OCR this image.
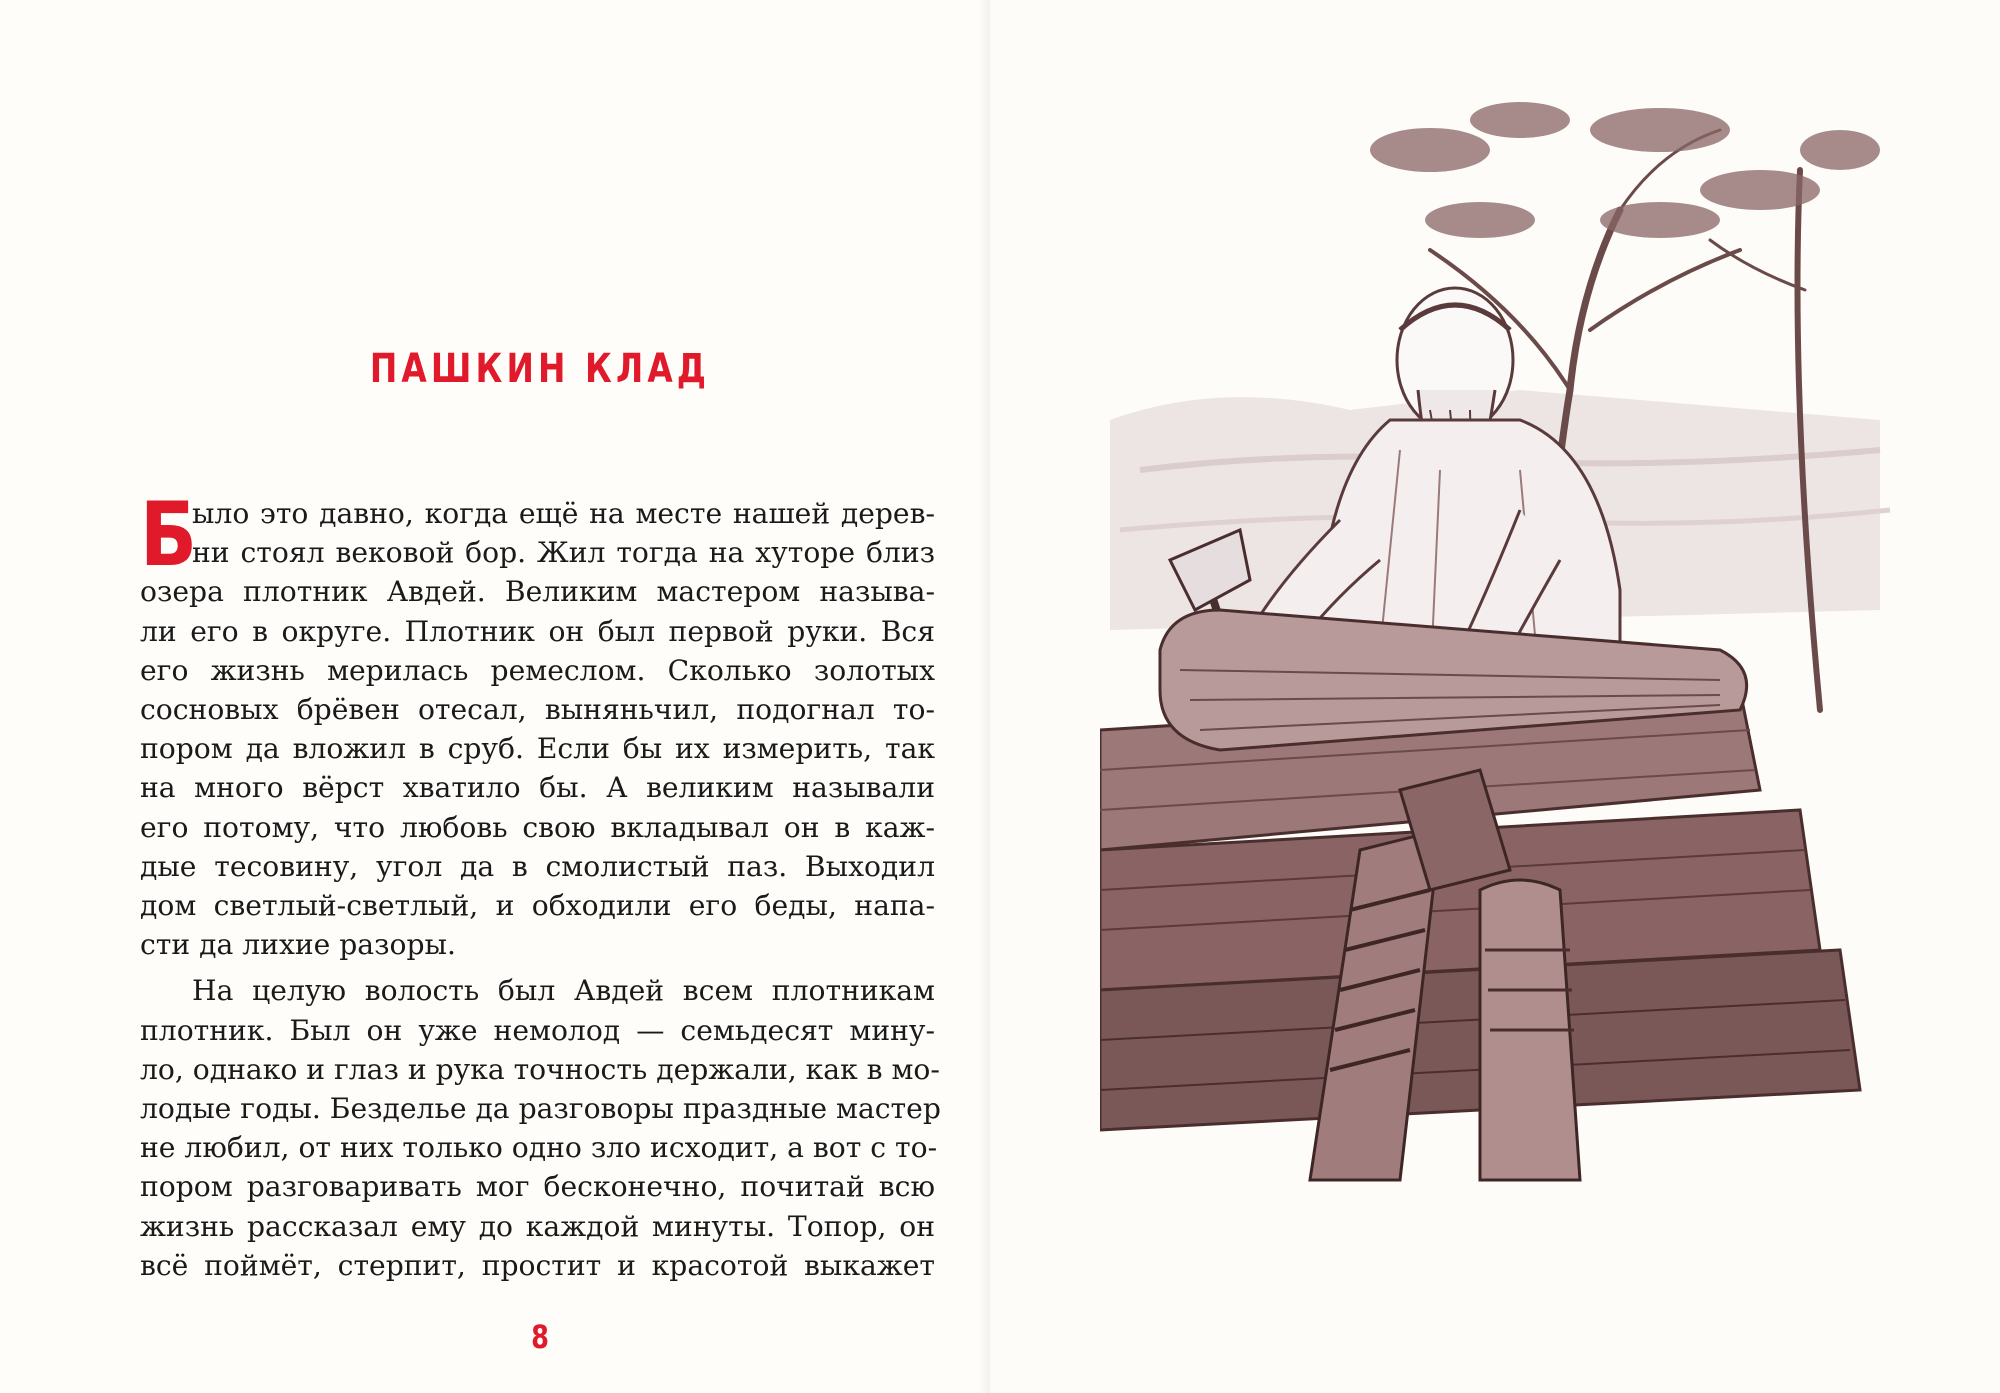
ПАШКИН КЛАД
Б
ыло это давно, когда ещё на месте нашей дерев-
ни стоял вековой бор. Жил тогда на хуторе близ
озера плотник Авдей. Великим мастером называ-
ли его в округе. Плотник он был первой руки. Вся
его жизнь мерилась ремеслом. Сколько золотых
сосновых брёвен отесал, выняньчил, подогнал то-
пором да вложил в сруб. Если бы их измерить, так
на много вёрст хватило бы. А великим называли
его потому, что любовь свою вкладывал он в каж-
дые тесовину, угол да в смолистый паз. Выходил
дом светлый-светлый, и обходили его беды, напа-
сти да лихие разоры.
На целую волость был Авдей всем плотникам
плотник. Был он уже немолод — семьдесят мину-
ло, однако и глаз и рука точность держали, как в мо-
лодые годы. Безделье да разговоры праздные мастер
не любил, от них только одно зло исходит, а вот с то-
пором разговаривать мог бесконечно, почитай всю
жизнь рассказал ему до каждой минуты. Топор, он
всё поймёт, стерпит, простит и красотой выкажет
8
